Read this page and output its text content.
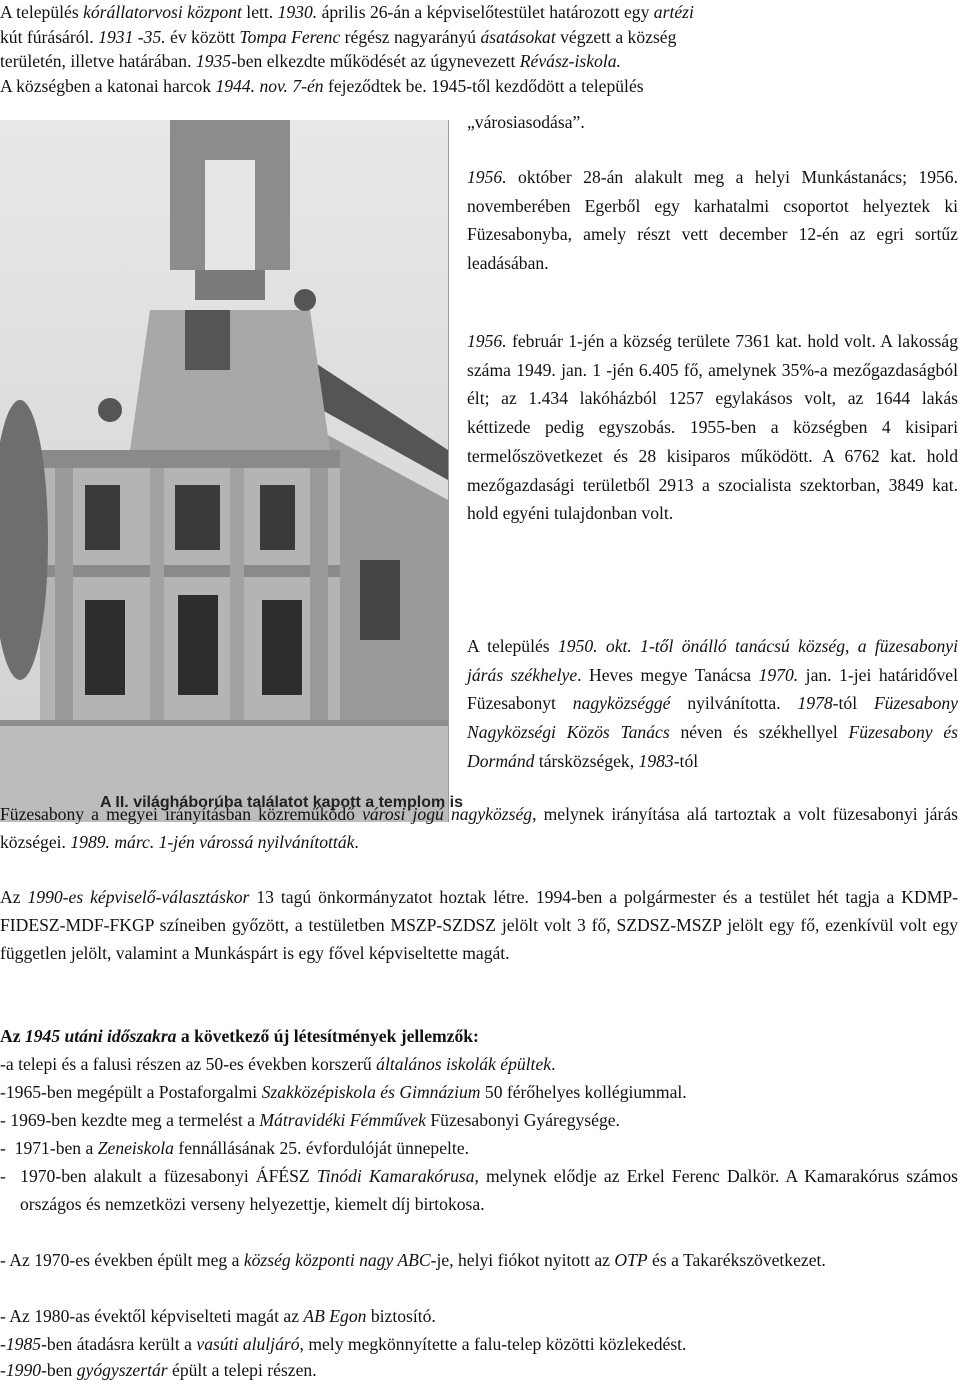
A település kórállatorvosi központ lett. 1930. április 26-án a képviselőtestület határozott egy artézi
kút fúrásáról. 1931 -35. év között Tompa Ferenc régész nagyarányú ásatásokat végzett a község
területén, illetve határában. 1935-ben elkezdte működését az úgynevezett Révász-iskola.
A községben a katonai harcok 1944. nov. 7-én fejeződtek be. 1945-től kezdődött a település

„városiasodása”.

A II. világháborúba találatot kapott a templom is

1956. október 28-án alakult meg a helyi Munkástanács; 1956. novemberében Egerből egy karhatalmi csoportot helyeztek ki Füzesabonyba, amely részt vett december 12-én az egri sortűz leadásában.

1956. február 1-jén a község területe 7361 kat. hold volt. A lakosság száma 1949. jan. 1 -jén 6.405 fő, amelynek 35%-a mezőgazdaságból élt; az 1.434 lakóházból 1257 egylakásos volt, az 1644 lakás kéttizede pedig egyszobás. 1955-ben a községben 4 kisipari termelőszövetkezet és 28 kisiparos működött. A 6762 kat. hold mezőgazdasági területből 2913 a szocialista szektorban, 3849 kat. hold egyéni tulajdonban volt.

A település 1950. okt. 1-től önálló tanácsú község, a füzesabonyi járás székhelye. Heves megye Tanácsa 1970. jan. 1-jei határidővel Füzesabonyt nagyközséggé nyilvánította. 1978-tól Füzesabony Nagyközségi Közös Tanács néven és székhellyel Füzesabony és Dormánd társközségek, 1983-tól

Füzesabony a megyei irányításban közreműködő városi jogú nagyközség, melynek irányítása alá tartoztak a volt füzesabonyi járás községei. 1989. márc. 1-jén várossá nyilvánították.

Az 1990-es képviselő-választáskor 13 tagú önkormányzatot hoztak létre. 1994-ben a polgármester és a testület hét tagja a KDMP-FIDESZ-MDF-FKGP színeiben győzött, a testületben MSZP-SZDSZ jelölt volt 3 fő, SZDSZ-MSZP jelölt egy fő, ezenkívül volt egy független jelölt, valamint a Munkáspárt is egy fővel képviseltette magát.

Az 1945 utáni időszakra a következő új létesítmények jellemzők:

-a telepi és a falusi részen az 50-es években korszerű általános iskolák épültek.

-1965-ben megépült a Postaforgalmi Szakközépiskola és Gimnázium 50 férőhelyes kollégiummal.

- 1969-ben kezdte meg a termelést a Mátravidéki Fémművek Füzesabonyi Gyáregysége.

- 1971-ben a Zeneiskola fennállásának 25. évfordulóját ünnepelte.

- 1970-ben alakult a füzesabonyi ÁFÉSZ Tinódi Kamarakórusa, melynek elődje az Erkel Ferenc Dalkör. A Kamarakórus számos országos és nemzetközi verseny helyezettje, kiemelt díj birtokosa.

- Az 1970-es években épült meg a község központi nagy ABC-je, helyi fiókot nyitott az OTP és a Takarékszövetkezet.

- Az 1980-as évektől képviselteti magát az AB Egon biztosító.

-1985-ben átadásra került a vasúti aluljáró, mely megkönnyítette a falu-telep közötti közlekedést.

-1990-ben gyógyszertár épült a telepi részen.
